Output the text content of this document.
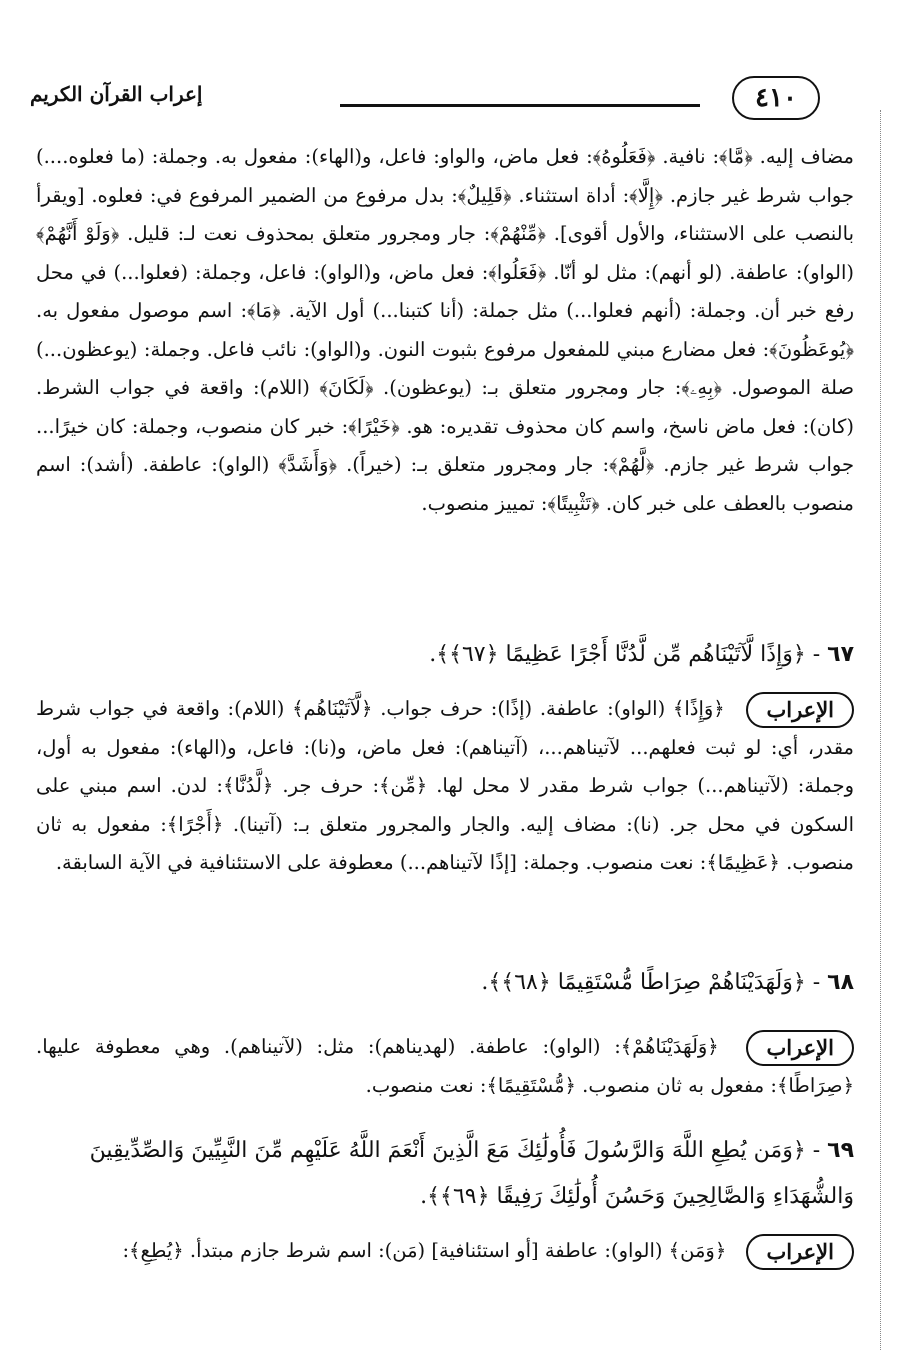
٤١٠
إعراب القرآن الكريم

مضاف إليه. ﴿مَّا﴾: نافية. ﴿فَعَلُوهُ﴾: فعل ماض، والواو: فاعل، و(الهاء): مفعول به. وجملة: (ما فعلوه....) جواب شرط غير جازم. ﴿إِلَّا﴾: أداة استثناء. ﴿قَلِيلٌ﴾: بدل مرفوع من الضمير المرفوع في: فعلوه. [ويقرأ بالنصب على الاستثناء، والأول أقوى]. ﴿مِّنْهُمْ﴾: جار ومجرور متعلق بمحذوف نعت لـ: قليل. ﴿وَلَوْ أَنَّهُمْ﴾ (الواو): عاطفة. (لو أنهم): مثل لو أنّا. ﴿فَعَلُوا﴾: فعل ماض، و(الواو): فاعل، وجملة: (فعلوا...) في محل رفع خبر أن. وجملة: (أنهم فعلوا...) مثل جملة: (أنا كتبنا...) أول الآية. ﴿مَا﴾: اسم موصول مفعول به. ﴿يُوعَظُونَ﴾: فعل مضارع مبني للمفعول مرفوع بثبوت النون. و(الواو): نائب فاعل. وجملة: (يوعظون...) صلة الموصول. ﴿بِهِۦ﴾: جار ومجرور متعلق بـ: (يوعظون). ﴿لَكَانَ﴾ (اللام): واقعة في جواب الشرط. (كان): فعل ماض ناسخ، واسم كان محذوف تقديره: هو. ﴿خَيْرًا﴾: خبر كان منصوب، وجملة: كان خيرًا... جواب شرط غير جازم. ﴿لَّهُمْ﴾: جار ومجرور متعلق بـ: (خيراً). ﴿وَأَشَدَّ﴾ (الواو): عاطفة. (أشد): اسم منصوب بالعطف على خبر كان. ﴿تَثْبِيتًا﴾: تمييز منصوب.

٦٧ - ﴿وَإِذًا لَّآتَيْنَاهُم مِّن لَّدُنَّا أَجْرًا عَظِيمًا ﴿٦٧﴾﴾.
الإعراب ﴿وَإِذًا﴾ (الواو): عاطفة. (إذًا): حرف جواب. ﴿لَّآتَيْنَاهُم﴾ (اللام): واقعة في جواب شرط مقدر، أي: لو ثبت فعلهم... لآتيناهم...، (آتيناهم): فعل ماض، و(نا): فاعل، و(الهاء): مفعول به أول، وجملة: (لآتيناهم...) جواب شرط مقدر لا محل لها. ﴿مِّن﴾: حرف جر. ﴿لَّدُنَّا﴾: لدن. اسم مبني على السكون في محل جر. (نا): مضاف إليه. والجار والمجرور متعلق بـ: (آتينا). ﴿أَجْرًا﴾: مفعول به ثان منصوب. ﴿عَظِيمًا﴾: نعت منصوب. وجملة: [إذًا لآتيناهم...) معطوفة على الاستئنافية في الآية السابقة.
٦٨ - ﴿وَلَهَدَيْنَاهُمْ صِرَاطًا مُّسْتَقِيمًا ﴿٦٨﴾﴾.
الإعراب ﴿وَلَهَدَيْنَاهُمْ﴾: (الواو): عاطفة. (لهديناهم): مثل: (لآتيناهم). وهي معطوفة عليها. ﴿صِرَاطًا﴾: مفعول به ثان منصوب. ﴿مُّسْتَقِيمًا﴾: نعت منصوب.
٦٩ - ﴿وَمَن يُطِعِ اللَّهَ وَالرَّسُولَ فَأُولَٰئِكَ مَعَ الَّذِينَ أَنْعَمَ اللَّهُ عَلَيْهِم مِّنَ النَّبِيِّينَ وَالصِّدِّيقِينَ وَالشُّهَدَاءِ وَالصَّالِحِينَ وَحَسُنَ أُولَٰئِكَ رَفِيقًا ﴿٦٩﴾﴾.
الإعراب ﴿وَمَن﴾ (الواو): عاطفة [أو استئنافية] (مَن): اسم شرط جازم مبتدأ. ﴿يُطِعِ﴾:
